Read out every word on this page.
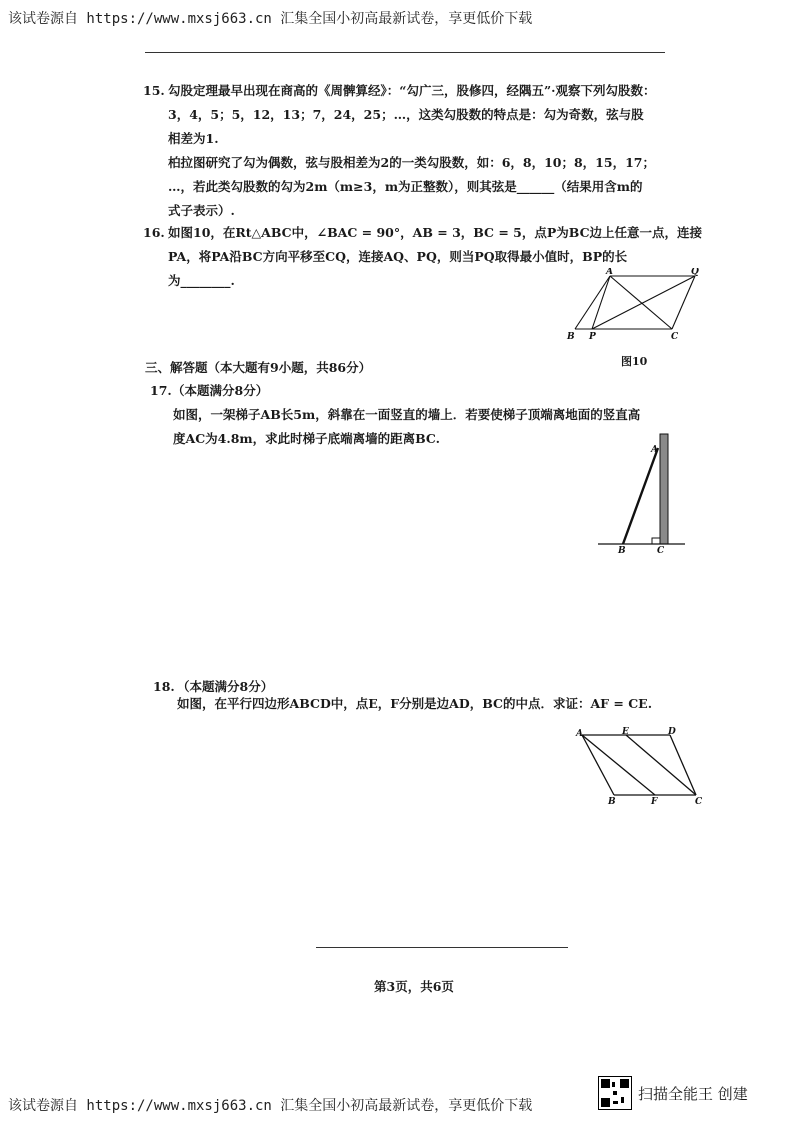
该试卷源自 https://www.mxsj663.cn 汇集全国小初高最新试卷，享更低价下载
15. 勾股定理最早出现在商高的《周髀算经》：“勾广三，股修四，经隅五”·观察下列勾股数：
3，4，5；5，12，13；7，24，25；…，这类勾股数的特点是：勾为奇数，弦与股
相差为1.
柏拉图研究了勾为偶数，弦与股相差为2的一类勾股数，如：6，8，10；8，15，17；
…，若此类勾股数的勾为2m（m≥3，m为正整数），则其弦是______（结果用含m的
式子表示）.
16. 如图10，在Rt△ABC中，∠BAC = 90°，AB = 3，BC = 5，点P为BC边上任意一点，连接
PA，将PA沿BC方向平移至CQ，连接AQ、PQ，则当PQ取得最小值时，BP的长
为________.
A	Q
B P	C
图10
三、解答题（本大题有9小题，共86分）
17. （本题满分8分）
如图，一架梯子AB长5m，斜靠在一面竖直的墙上．若要使梯子顶端离地面的竖直高
度AC为4.8m，求此时梯子底端离墙的距离BC.
A
B	C
18. （本题满分8分）
如图，在平行四边形ABCD中，点E，F分别是边AD，BC的中点．求证：AF = CE.
A	E	D
B	F	C
第3页，共6页
该试卷源自 https://www.mxsj663.cn 汇集全国小初高最新试卷，享更低价下载
扫描全能王 创建
